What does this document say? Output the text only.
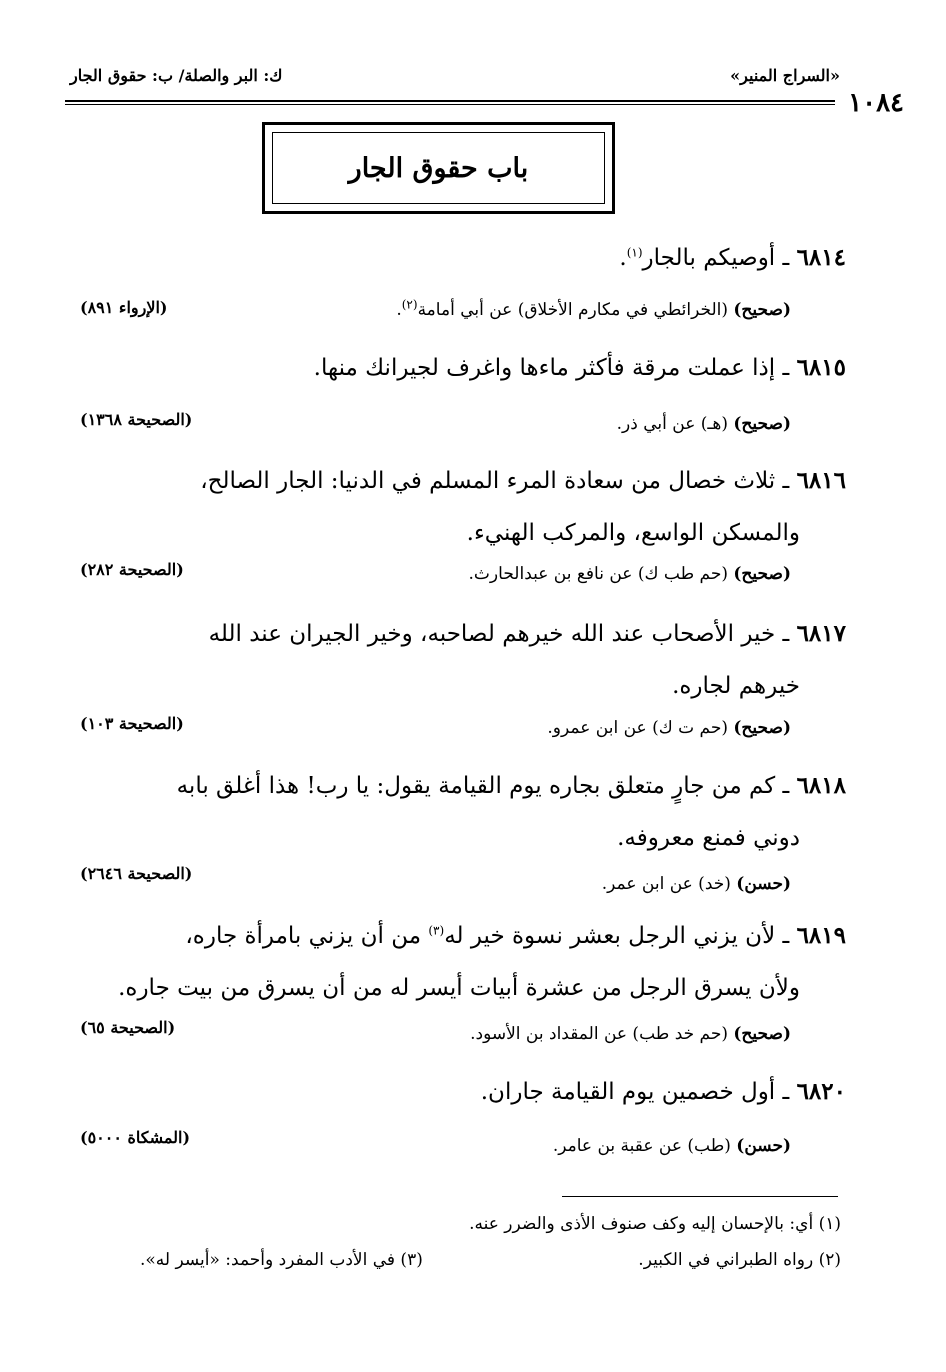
ك: البر والصلة/ ب: حقوق الجار	«السراج المنير»
١٠٨٤
باب حقوق الجار
٦٨١٤ ـ أوصيكم بالجار$^{(١)}$.
(صحيح) (الخرائطي في مكارم الأخلاق) عن أبي أمامة$^{(٢)}$.
(الإرواء ٨٩١)
٦٨١٥ ـ إذا عملت مرقة فأكثر ماءها واغرف لجيرانك منها.
(صحيح) (هـ) عن أبي ذر.
(الصحيحة ١٣٦٨)
٦٨١٦ ـ ثلاث خصال من سعادة المرء المسلم في الدنيا: الجار الصالح،
والمسكن الواسع، والمركب الهنيء.
(صحيح) (حم طب ك) عن نافع بن عبدالحارث.
(الصحيحة ٢٨٢)
٦٨١٧ ـ خير الأصحاب عند الله خيرهم لصاحبه، وخير الجيران عند الله
خيرهم لجاره.
(صحيح) (حم ت ك) عن ابن عمرو.
(الصحيحة ١٠٣)
٦٨١٨ ـ كم من جارٍ متعلق بجاره يوم القيامة يقول: يا رب! هذا أغلق بابه
دوني فمنع معروفه.
(حسن) (خد) عن ابن عمر.
(الصحيحة ٢٦٤٦)
٦٨١٩ ـ لأن يزني الرجل بعشر نسوة خير له$^{(٣)}$ من أن يزني بامرأة جاره،
ولأن يسرق الرجل من عشرة أبيات أيسر له من أن يسرق من بيت جاره.
(صحيح) (حم خد طب) عن المقداد بن الأسود.
(الصحيحة ٦٥)
٦٨٢٠ ـ أول خصمين يوم القيامة جاران.
(حسن) (طب) عن عقبة بن عامر.
(المشكاة ٥٠٠٠)
(١) أي: بالإحسان إليه وكف صنوف الأذى والضرر عنه.
(٢) رواه الطبراني في الكبير.
(٣) في الأدب المفرد وأحمد: «أيسر له».
